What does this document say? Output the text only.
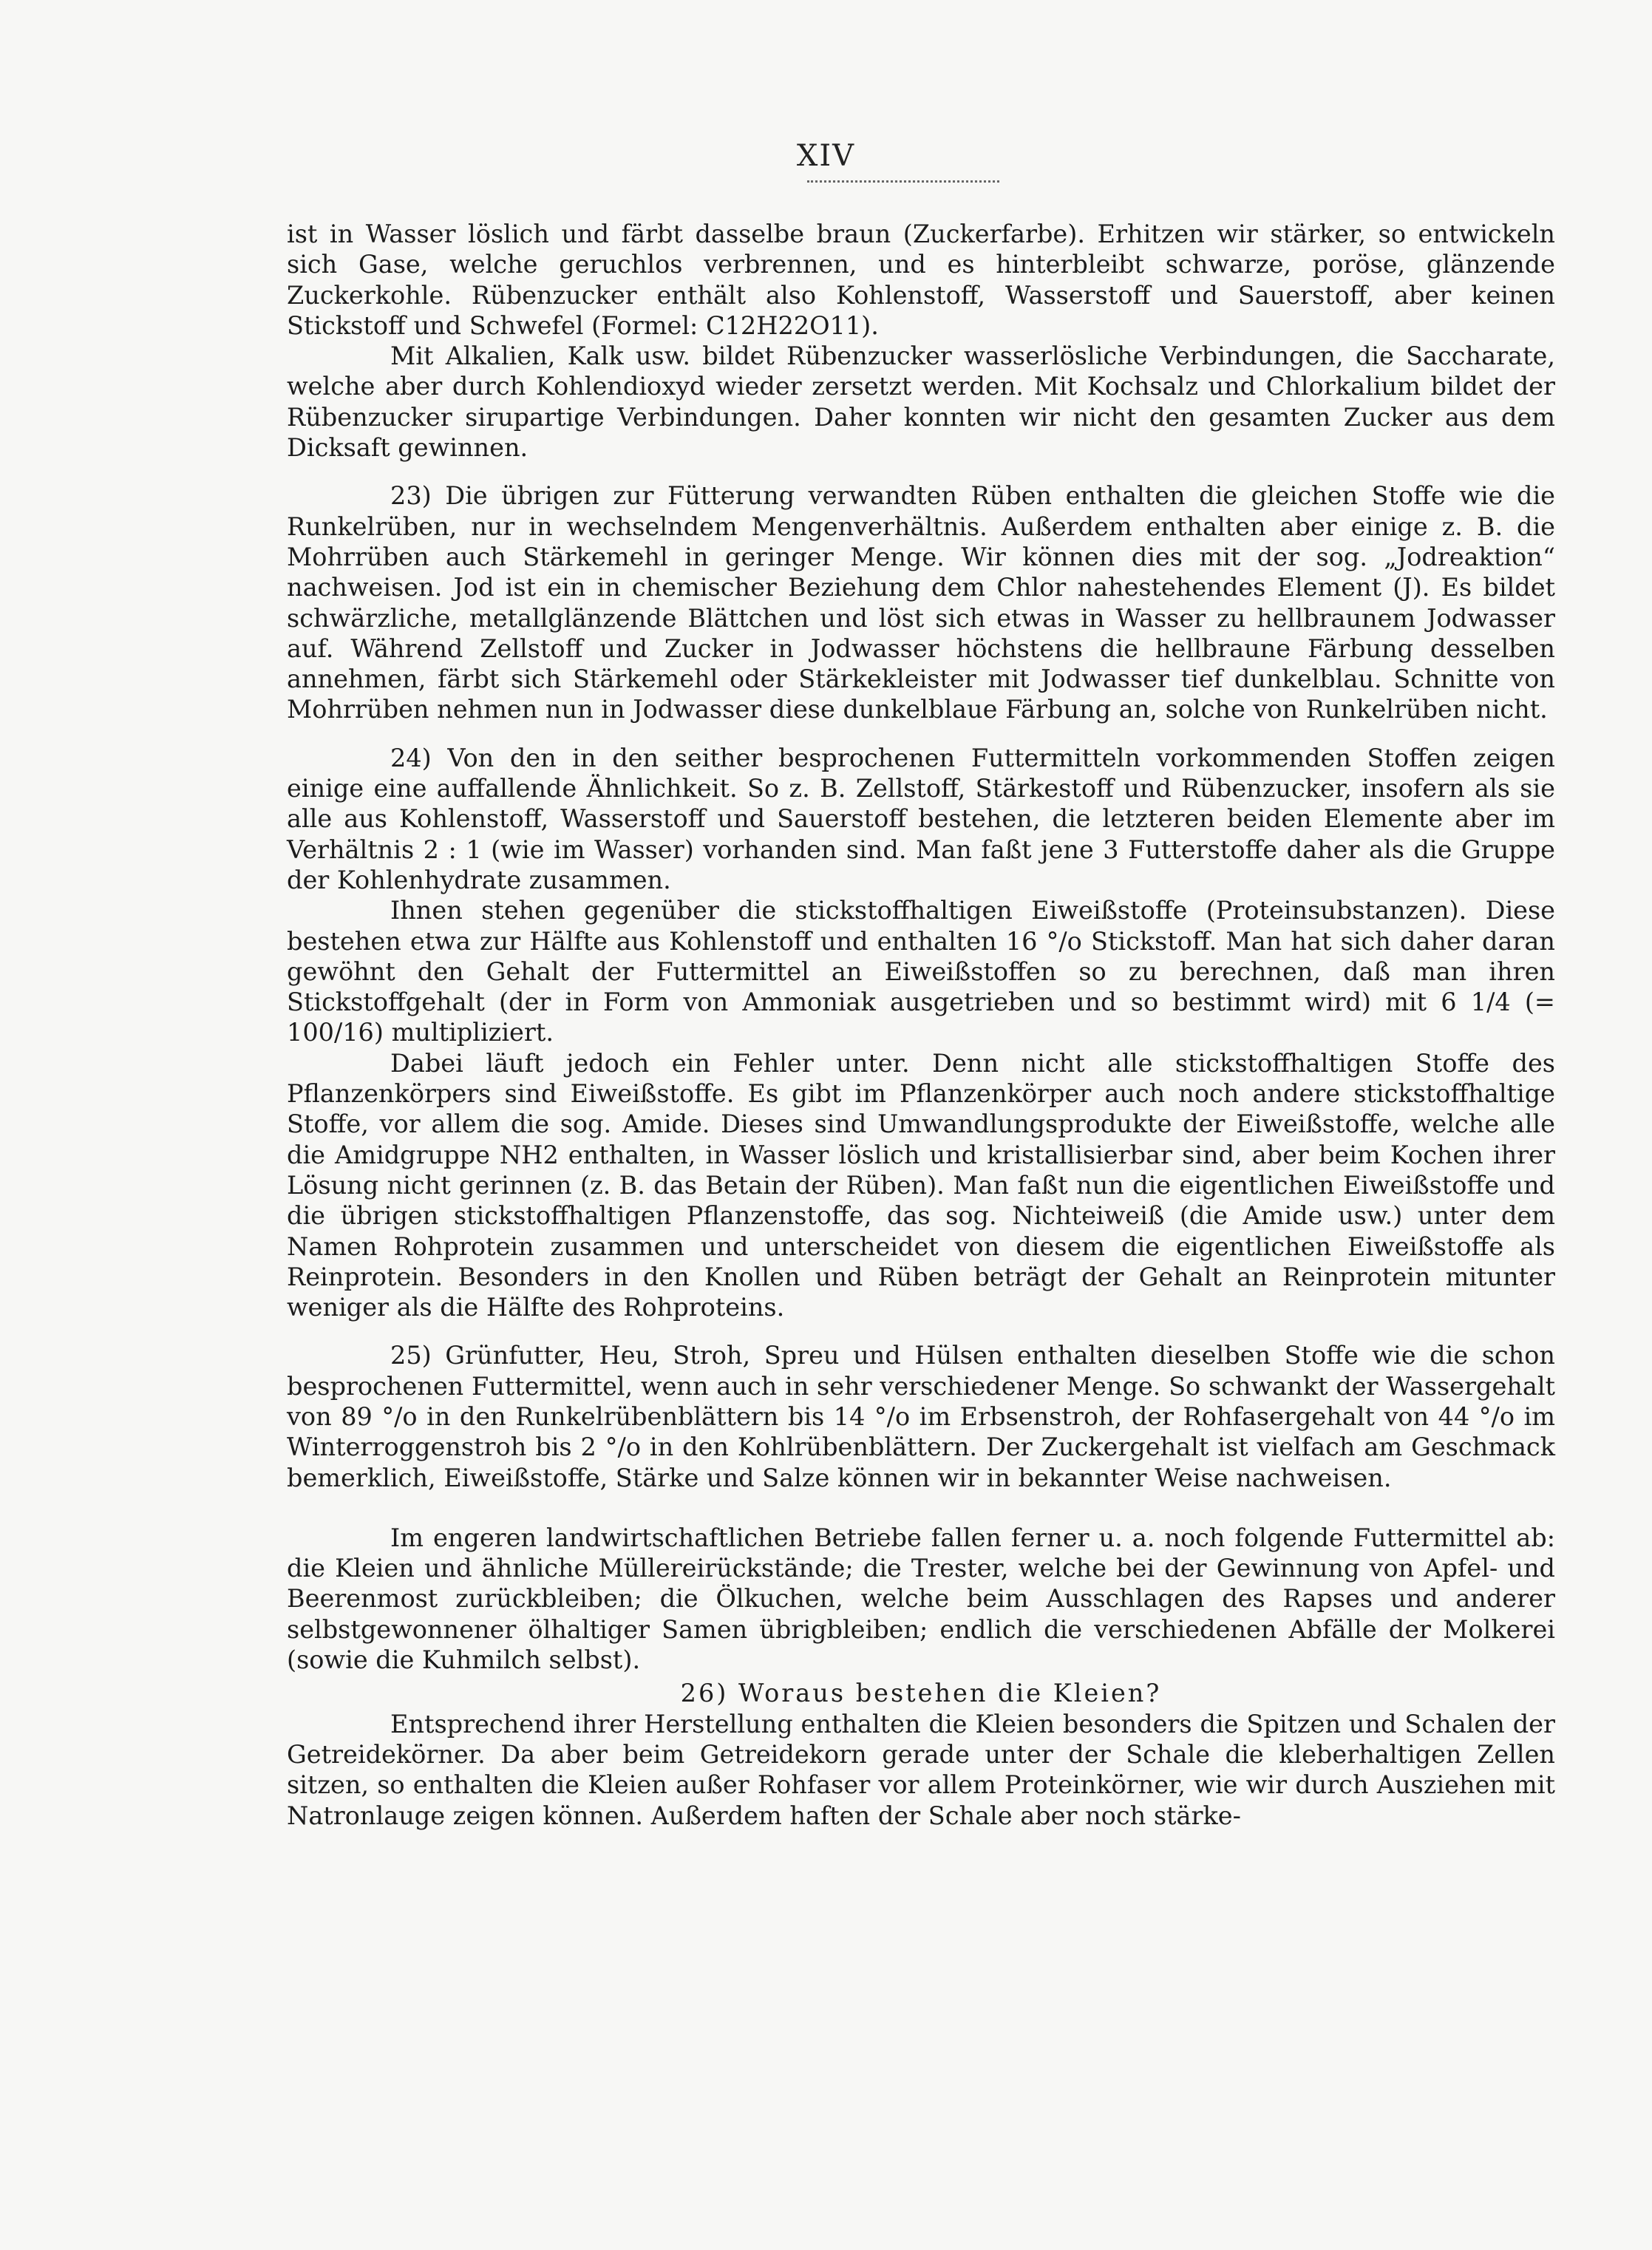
XIV

ist in Wasser löslich und färbt dasselbe braun (Zuckerfarbe). Erhitzen wir stärker, so entwickeln sich Gase, welche geruchlos verbrennen, und es hinterbleibt schwarze, poröse, glänzende Zuckerkohle. Rübenzucker enthält also Kohlenstoff, Wasserstoff und Sauerstoff, aber keinen Stickstoff und Schwefel (Formel: C12H22O11).

Mit Alkalien, Kalk usw. bildet Rübenzucker wasserlösliche Verbindungen, die Saccharate, welche aber durch Kohlendioxyd wieder zersetzt werden. Mit Kochsalz und Chlorkalium bildet der Rübenzucker sirupartige Verbindungen. Daher konnten wir nicht den gesamten Zucker aus dem Dicksaft gewinnen.

23) Die übrigen zur Fütterung verwandten Rüben enthalten die gleichen Stoffe wie die Runkelrüben, nur in wechselndem Mengenverhältnis. Außerdem enthalten aber einige z. B. die Mohrrüben auch Stärkemehl in geringer Menge. Wir können dies mit der sog. „Jodreaktion“ nachweisen. Jod ist ein in chemischer Beziehung dem Chlor nahestehendes Element (J). Es bildet schwärzliche, metallglänzende Blättchen und löst sich etwas in Wasser zu hellbraunem Jodwasser auf. Während Zellstoff und Zucker in Jodwasser höchstens die hellbraune Färbung desselben annehmen, färbt sich Stärkemehl oder Stärkekleister mit Jodwasser tief dunkelblau. Schnitte von Mohrrüben nehmen nun in Jodwasser diese dunkelblaue Färbung an, solche von Runkelrüben nicht.

24) Von den in den seither besprochenen Futtermitteln vorkommenden Stoffen zeigen einige eine auffallende Ähnlichkeit. So z. B. Zellstoff, Stärkestoff und Rübenzucker, insofern als sie alle aus Kohlenstoff, Wasserstoff und Sauerstoff bestehen, die letzteren beiden Elemente aber im Verhältnis 2 : 1 (wie im Wasser) vorhanden sind. Man faßt jene 3 Futterstoffe daher als die Gruppe der Kohlenhydrate zusammen.

Ihnen stehen gegenüber die stickstoffhaltigen Eiweißstoffe (Proteinsubstanzen). Diese bestehen etwa zur Hälfte aus Kohlenstoff und enthalten 16 °/o Stickstoff. Man hat sich daher daran gewöhnt den Gehalt der Futtermittel an Eiweißstoffen so zu berechnen, daß man ihren Stickstoffgehalt (der in Form von Ammoniak ausgetrieben und so bestimmt wird) mit 6 1/4 (= 100/16) multipliziert.

Dabei läuft jedoch ein Fehler unter. Denn nicht alle stickstoffhaltigen Stoffe des Pflanzenkörpers sind Eiweißstoffe. Es gibt im Pflanzenkörper auch noch andere stickstoffhaltige Stoffe, vor allem die sog. Amide. Dieses sind Umwandlungsprodukte der Eiweißstoffe, welche alle die Amidgruppe NH2 enthalten, in Wasser löslich und kristallisierbar sind, aber beim Kochen ihrer Lösung nicht gerinnen (z. B. das Betain der Rüben). Man faßt nun die eigentlichen Eiweißstoffe und die übrigen stickstoffhaltigen Pflanzenstoffe, das sog. Nichteiweiß (die Amide usw.) unter dem Namen Rohprotein zusammen und unterscheidet von diesem die eigentlichen Eiweißstoffe als Reinprotein. Besonders in den Knollen und Rüben beträgt der Gehalt an Reinprotein mitunter weniger als die Hälfte des Rohproteins.

25) Grünfutter, Heu, Stroh, Spreu und Hülsen enthalten dieselben Stoffe wie die schon besprochenen Futtermittel, wenn auch in sehr verschiedener Menge. So schwankt der Wassergehalt von 89 °/o in den Runkelrübenblättern bis 14 °/o im Erbsenstroh, der Rohfasergehalt von 44 °/o im Winterroggenstroh bis 2 °/o in den Kohlrübenblättern. Der Zuckergehalt ist vielfach am Geschmack bemerklich, Eiweißstoffe, Stärke und Salze können wir in bekannter Weise nachweisen.

Im engeren landwirtschaftlichen Betriebe fallen ferner u. a. noch folgende Futtermittel ab: die Kleien und ähnliche Müllereirückstände; die Trester, welche bei der Gewinnung von Apfel- und Beerenmost zurückbleiben; die Ölkuchen, welche beim Ausschlagen des Rapses und anderer selbstgewonnener ölhaltiger Samen übrigbleiben; endlich die verschiedenen Abfälle der Molkerei (sowie die Kuhmilch selbst).

26) Woraus bestehen die Kleien?

Entsprechend ihrer Herstellung enthalten die Kleien besonders die Spitzen und Schalen der Getreidekörner. Da aber beim Getreidekorn gerade unter der Schale die kleberhaltigen Zellen sitzen, so enthalten die Kleien außer Rohfaser vor allem Proteinkörner, wie wir durch Ausziehen mit Natronlauge zeigen können. Außerdem haften der Schale aber noch stärke-
